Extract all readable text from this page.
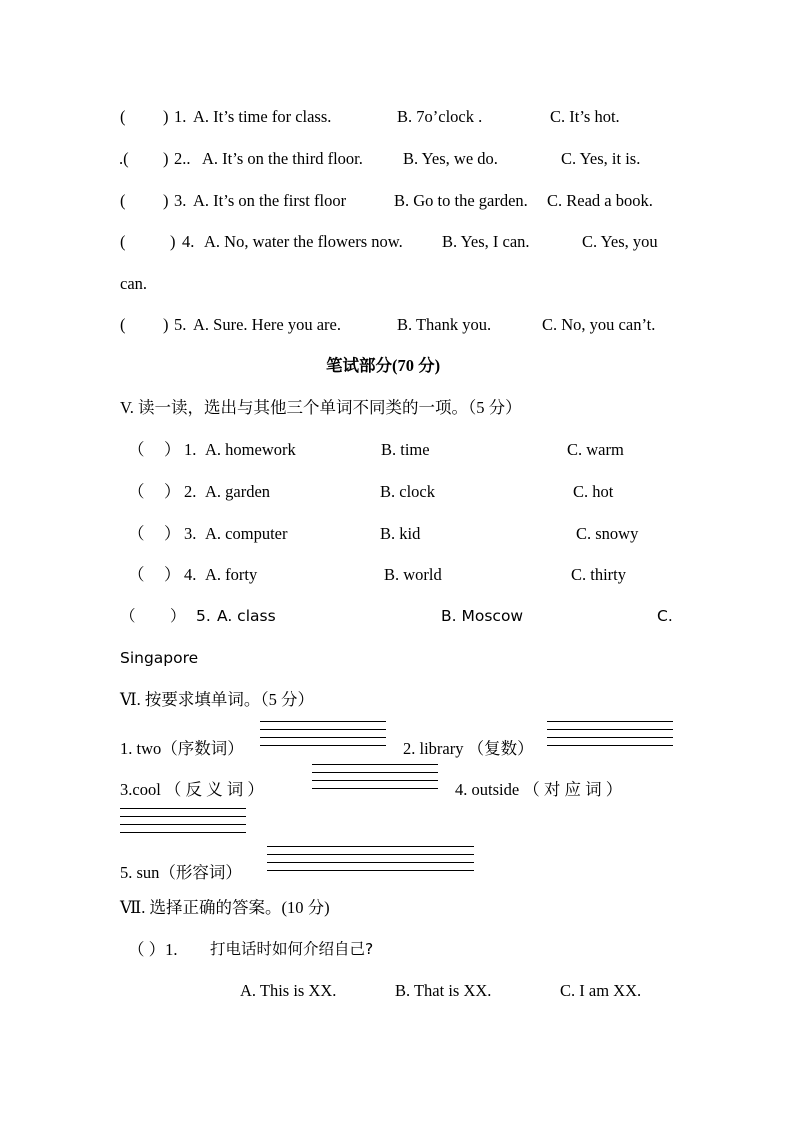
( ) 1. A. It’s time for class.	B. 7o’clock .	C. It’s hot.
.( ) 2.. A. It’s on the third floor. B. Yes, we do.	C. Yes, it is.
( ) 3. A. It’s on the first floor	B. Go to the garden. C. Read a book.
(	) 4. A. No, water the flowers now. B. Yes, I can.	C. Yes, you
can.
( ) 5. A. Sure. Here you are.	B. Thank you.	C. No, you can’t.
笔试部分(70 分)
V. 读一读，选出与其他三个单词不同类的一项。（5 分）
（ ） 1. A. homework	B. time	C. warm
（ ） 2. A. garden	B. clock	C. hot
（ ） 3. A. computer	B. kid	C. snowy
（ ） 4. A. forty	B. world	C. thirty
（ ） 5. A. class	B. Moscow	C.
Singapore
Ⅵ. 按要求填单词。（5 分）
1. two（序数词）	2. library （复数）
3.cool （ 反 义 词 ）	4. outside （ 对 应 词 ）
5. sun（形容词）
Ⅶ. 选择正确的答案。(10 分)
（ ）1. 打电话时如何介绍自己?
A. This is XX.	B. That is XX.	C. I am XX.
